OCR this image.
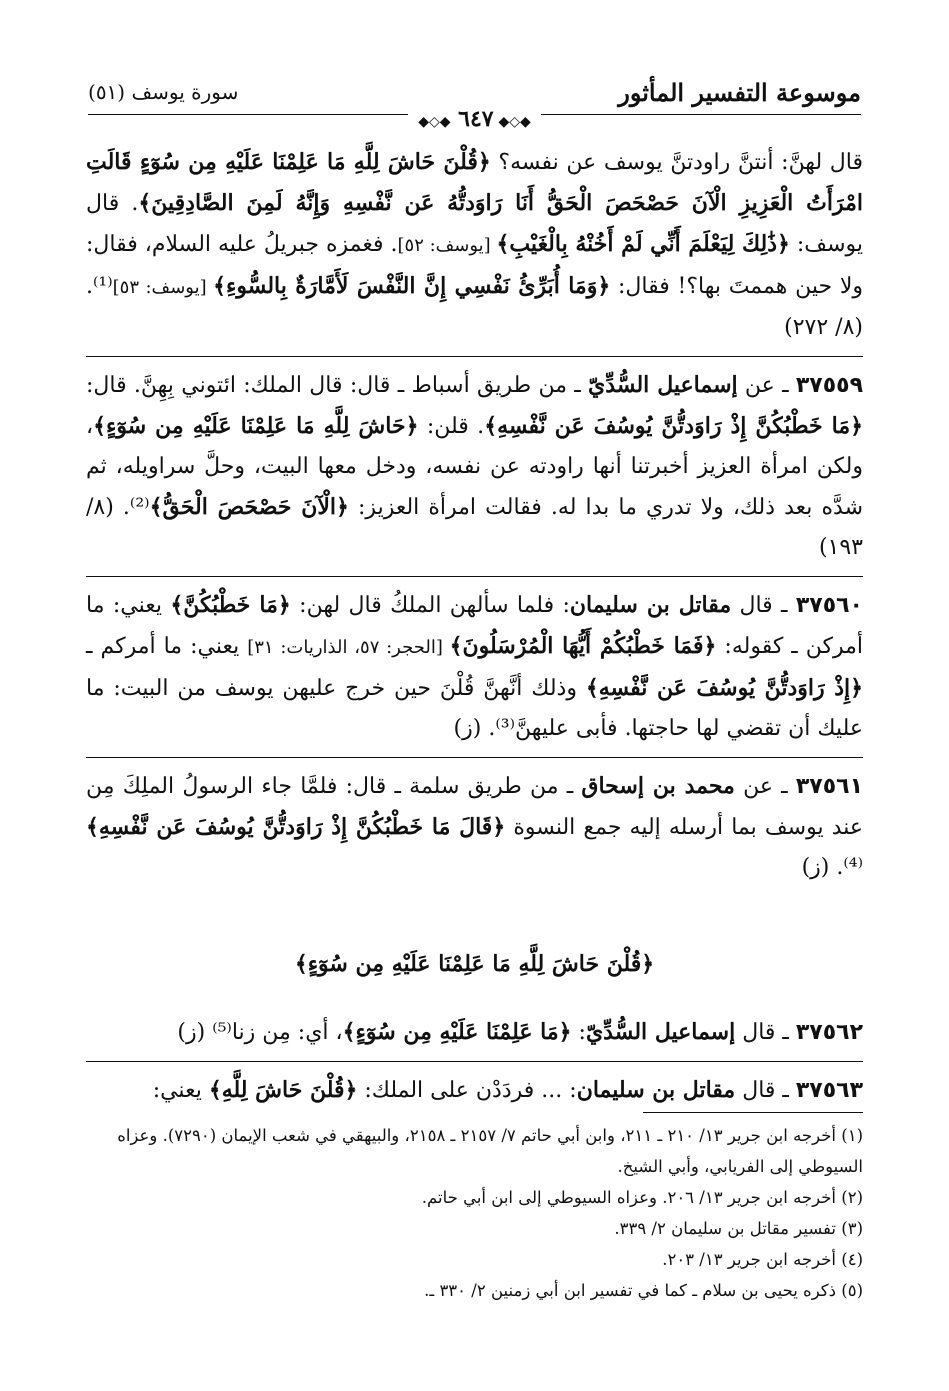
موسوعة التفسير المأثور
سورة يوسف (٥١)
◆◇◆ ٦٤٧ ◆◇◆

قال لهنَّ: أنتنَّ راودتنَّ يوسف عن نفسه؟ ﴿قُلْنَ حَاشَ لِلَّهِ مَا عَلِمْنَا عَلَيْهِ مِن سُوٓءٍ قَالَتِ امْرَأَتُ الْعَزِيزِ الْآنَ حَصْحَصَ الْحَقُّ أَنَا رَاوَدتُّهُ عَن نَّفْسِهِ وَإِنَّهُ لَمِنَ الصَّادِقِينَ﴾. قال يوسف: ﴿ذَٰلِكَ لِيَعْلَمَ أَنِّي لَمْ أَخُنْهُ بِالْغَيْبِ﴾ [يوسف: ٥٢]. فغمزه جبريلُ عليه السلام، فقال: ولا حين هممتَ بها؟! فقال: ﴿وَمَا أُبَرِّئُ نَفْسِي إِنَّ النَّفْسَ لَأَمَّارَةٌ بِالسُّوءِ﴾ [يوسف: ٥٣]⁽¹⁾. (٨/ ٢٧٢)

٣٧٥٥٩ ـ عن إسماعيل السُّدِّيّ ـ من طريق أسباط ـ قال: قال الملك: ائتوني بِهِنَّ. قال: ﴿مَا خَطْبُكُنَّ إِذْ رَاوَدتُّنَّ يُوسُفَ عَن نَّفْسِهِ﴾. قلن: ﴿حَاشَ لِلَّهِ مَا عَلِمْنَا عَلَيْهِ مِن سُوٓءٍ﴾، ولكن امرأة العزيز أخبرتنا أنها راودته عن نفسه، ودخل معها البيت، وحلَّ سراويله، ثم شدَّه بعد ذلك، ولا تدري ما بدا له. فقالت امرأة العزيز: ﴿الْآنَ حَصْحَصَ الْحَقُّ﴾⁽²⁾. (٨/ ١٩٣)

٣٧٥٦٠ ـ قال مقاتل بن سليمان: فلما سألهن الملكُ قال لهن: ﴿مَا خَطْبُكُنَّ﴾ يعني: ما أمركن ـ كقوله: ﴿فَمَا خَطْبُكُمْ أَيُّهَا الْمُرْسَلُونَ﴾ [الحجر: ٥٧، الذاريات: ٣١] يعني: ما أمركم ـ ﴿إِذْ رَاوَدتُّنَّ يُوسُفَ عَن نَّفْسِهِ﴾ وذلك أنَّهنَّ قُلْنَ حين خرج عليهن يوسف من البيت: ما عليك أن تقضي لها حاجتها. فأبى عليهنَّ⁽³⁾. (ز)

٣٧٥٦١ ـ عن محمد بن إسحاق ـ من طريق سلمة ـ قال: فلمَّا جاء الرسولُ الملِكَ مِن عند يوسف بما أرسله إليه جمع النسوة ﴿قَالَ مَا خَطْبُكُنَّ إِذْ رَاوَدتُّنَّ يُوسُفَ عَن نَّفْسِهِ﴾⁽⁴⁾. (ز)

﴿قُلْنَ حَاشَ لِلَّهِ مَا عَلِمْنَا عَلَيْهِ مِن سُوٓءٍ﴾

٣٧٥٦٢ ـ قال إسماعيل السُّدِّيّ: ﴿مَا عَلِمْنَا عَلَيْهِ مِن سُوٓءٍ﴾، أي: مِن زنا⁽⁵⁾ (ز)

٣٧٥٦٣ ـ قال مقاتل بن سليمان: ... فردَدْن على الملك: ﴿قُلْنَ حَاشَ لِلَّهِ﴾ يعني:

(١) أخرجه ابن جرير ١٣/ ٢١٠ ـ ٢١١، وابن أبي حاتم ٧/ ٢١٥٧ ـ ٢١٥٨، والبيهقي في شعب الإيمان (٧٢٩٠). وعزاه السيوطي إلى الفريابي، وأبي الشيخ.

(٢) أخرجه ابن جرير ١٣/ ٢٠٦. وعزاه السيوطي إلى ابن أبي حاتم.

(٣) تفسير مقاتل بن سليمان ٢/ ٣٣٩.

(٤) أخرجه ابن جرير ١٣/ ٢٠٣.

(٥) ذكره يحيى بن سلام ـ كما في تفسير ابن أبي زمنين ٢/ ٣٣٠ ـ.
